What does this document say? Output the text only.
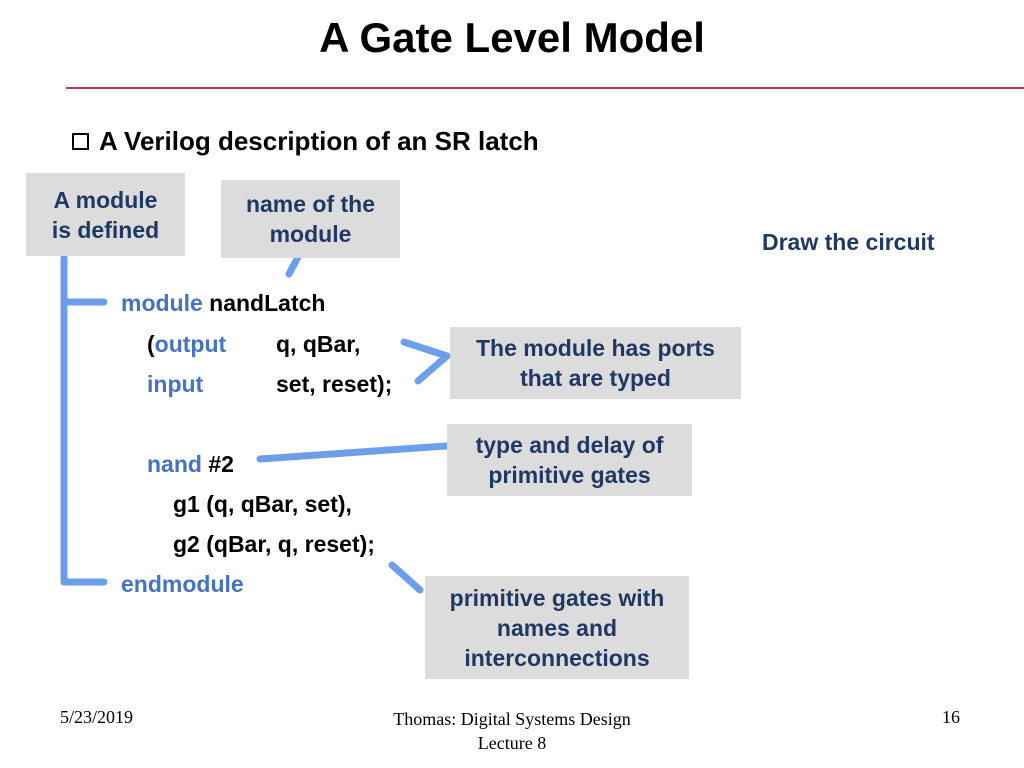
A Gate Level Model
A Verilog description of an SR latch
A module
is defined
name of the
module
The module has ports
that are typed
type and delay of
primitive gates
primitive gates with
names and
interconnections
Draw the circuit
module nandLatch
(output q, qBar,
input	set, reset);
nand #2
g1 (q, qBar, set),
g2 (qBar, q, reset);
endmodule
5/23/2019	Thomas: Digital Systems Design
Lecture 8
16
